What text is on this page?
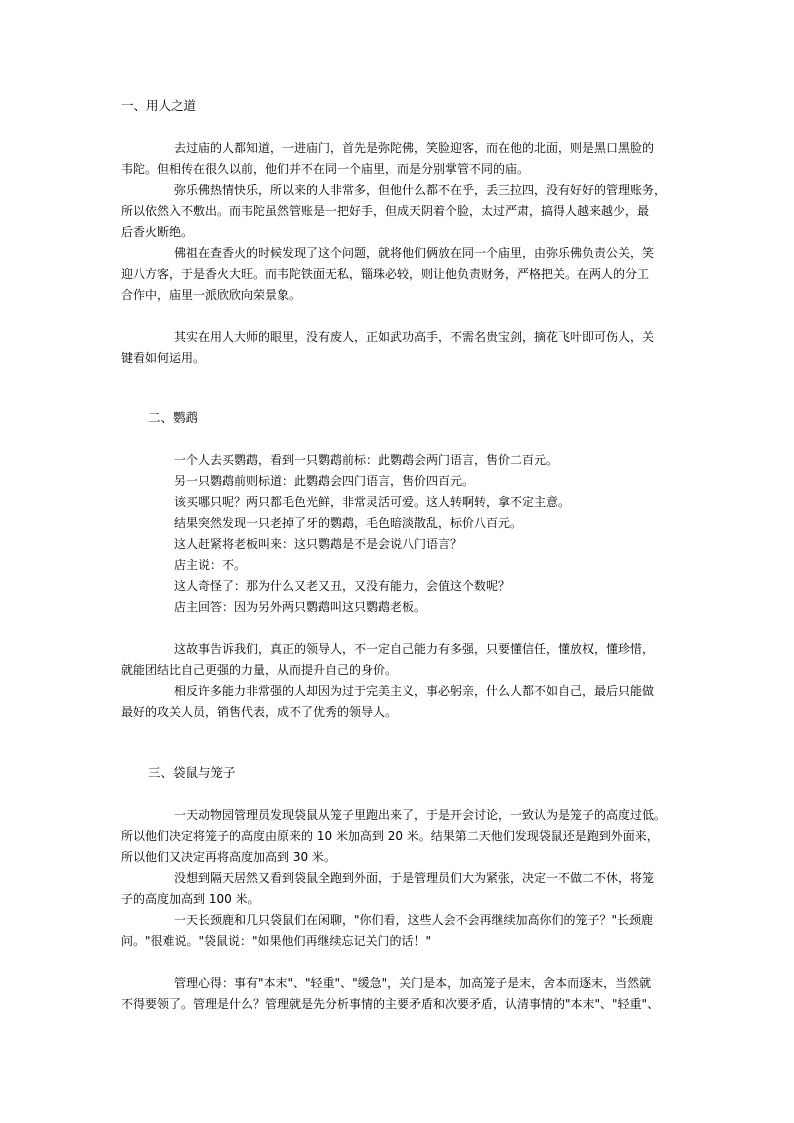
一、用人之道
去过庙的人都知道，一进庙门，首先是弥陀佛，笑脸迎客，而在他的北面，则是黑口黑脸的
韦陀。但相传在很久以前，他们并不在同一个庙里，而是分别掌管不同的庙。
弥乐佛热情快乐，所以来的人非常多，但他什么都不在乎，丢三拉四，没有好好的管理账务，
所以依然入不敷出。而韦陀虽然管账是一把好手，但成天阴着个脸，太过严肃，搞得人越来越少，最
后香火断绝。
佛祖在查香火的时候发现了这个问题，就将他们俩放在同一个庙里，由弥乐佛负责公关，笑
迎八方客，于是香火大旺。而韦陀铁面无私，锱珠必较，则让他负责财务，严格把关。在两人的分工
合作中，庙里一派欣欣向荣景象。
其实在用人大师的眼里，没有废人，正如武功高手，不需名贵宝剑，摘花飞叶即可伤人，关
键看如何运用。
二、鹦鹉
一个人去买鹦鹉，看到一只鹦鹉前标：此鹦鹉会两门语言，售价二百元。
另一只鹦鹉前则标道：此鹦鹉会四门语言，售价四百元。
该买哪只呢？两只都毛色光鲜，非常灵活可爱。这人转啊转，拿不定主意。
结果突然发现一只老掉了牙的鹦鹉，毛色暗淡散乱，标价八百元。
这人赶紧将老板叫来：这只鹦鹉是不是会说八门语言？
店主说：不。
这人奇怪了：那为什么又老又丑，又没有能力，会值这个数呢？
店主回答：因为另外两只鹦鹉叫这只鹦鹉老板。
这故事告诉我们，真正的领导人，不一定自己能力有多强，只要懂信任，懂放权，懂珍惜，
就能团结比自己更强的力量，从而提升自己的身价。
相反许多能力非常强的人却因为过于完美主义，事必躬亲，什么人都不如自己，最后只能做
最好的攻关人员，销售代表，成不了优秀的领导人。
三、袋鼠与笼子
一天动物园管理员发现袋鼠从笼子里跑出来了，于是开会讨论，一致认为是笼子的高度过低。
所以他们决定将笼子的高度由原来的 10 米加高到 20 米。结果第二天他们发现袋鼠还是跑到外面来，
所以他们又决定再将高度加高到 30 米。
没想到隔天居然又看到袋鼠全跑到外面，于是管理员们大为紧张，决定一不做二不休，将笼
子的高度加高到 100 米。
一天长颈鹿和几只袋鼠们在闲聊，"你们看，这些人会不会再继续加高你们的笼子？"长颈鹿
问。"很难说。"袋鼠说："如果他们再继续忘记关门的话！"
管理心得：事有"本末"、"轻重"、"缓急"，关门是本，加高笼子是末，舍本而逐末，当然就
不得要领了。管理是什么？管理就是先分析事情的主要矛盾和次要矛盾，认清事情的"本末"、"轻重"、
